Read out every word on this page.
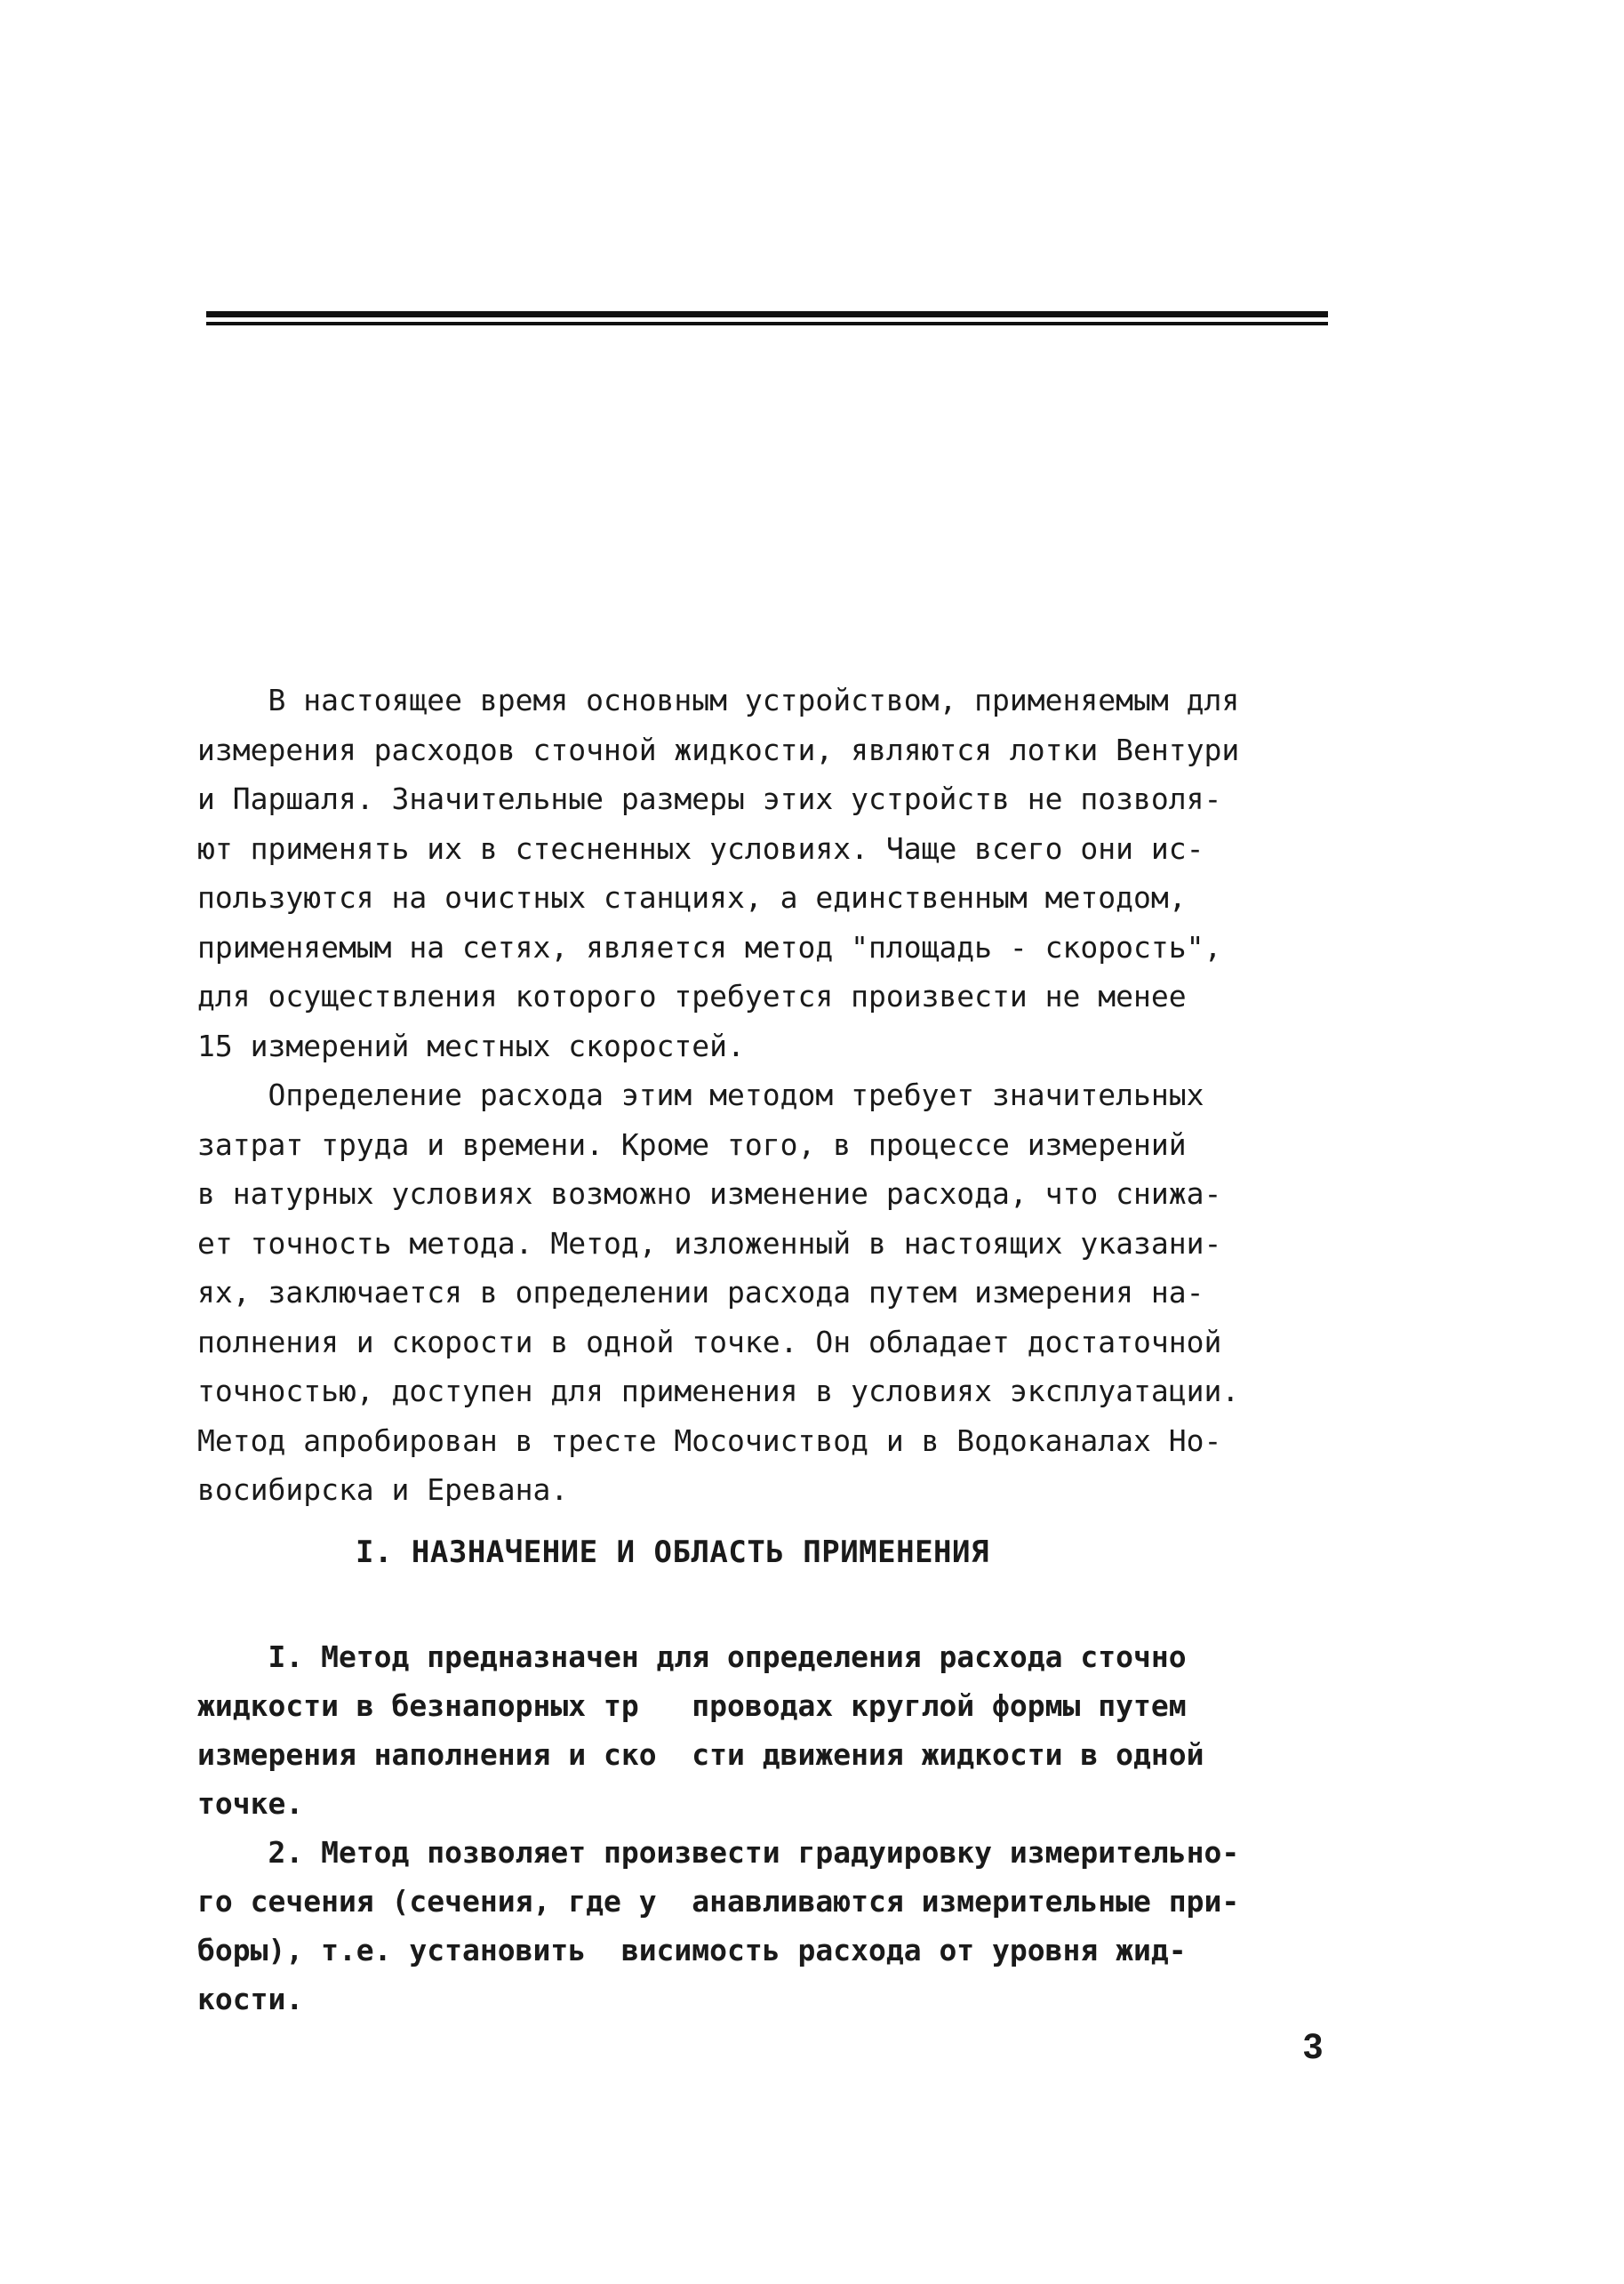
В настоящее время основным устройством, применяемым для
измерения расходов сточной жидкости, являются лотки Вентури
и Паршаля. Значительные размеры этих устройств не позволя-
ют применять их в стесненных условиях. Чаще всего они ис-
пользуются на очистных станциях, а единственным методом,
применяемым на сетях, является метод "площадь - скорость",
для осуществления которого требуется произвести не менее
15 измерений местных скоростей.
Определение расхода этим методом требует значительных
затрат труда и времени. Кроме того, в процессе измерений
в натурных условиях возможно изменение расхода, что снижа-
ет точность метода. Метод, изложенный в настоящих указани-
ях, заключается в определении расхода путем измерения на-
полнения и скорости в одной точке. Он обладает достаточной
точностью, доступен для применения в условиях эксплуатации.
Метод апробирован в тресте Мосочиствод и в Водоканалах Но-
восибирска и Еревана.
I. НАЗНАЧЕНИЕ И ОБЛАСТЬ ПРИМЕНЕНИЯ
I. Метод предназначен для определения расхода сточно
жидкости в безнапорных тр   проводах круглой формы путем
измерения наполнения и ско  сти движения жидкости в одной
точке.
2. Метод позволяет произвести градуировку измерительно-
го сечения (сечения, где у  анавливаются измерительные при-
боры), т.е. установить  висимость расхода от уровня жид-
кости.
3
